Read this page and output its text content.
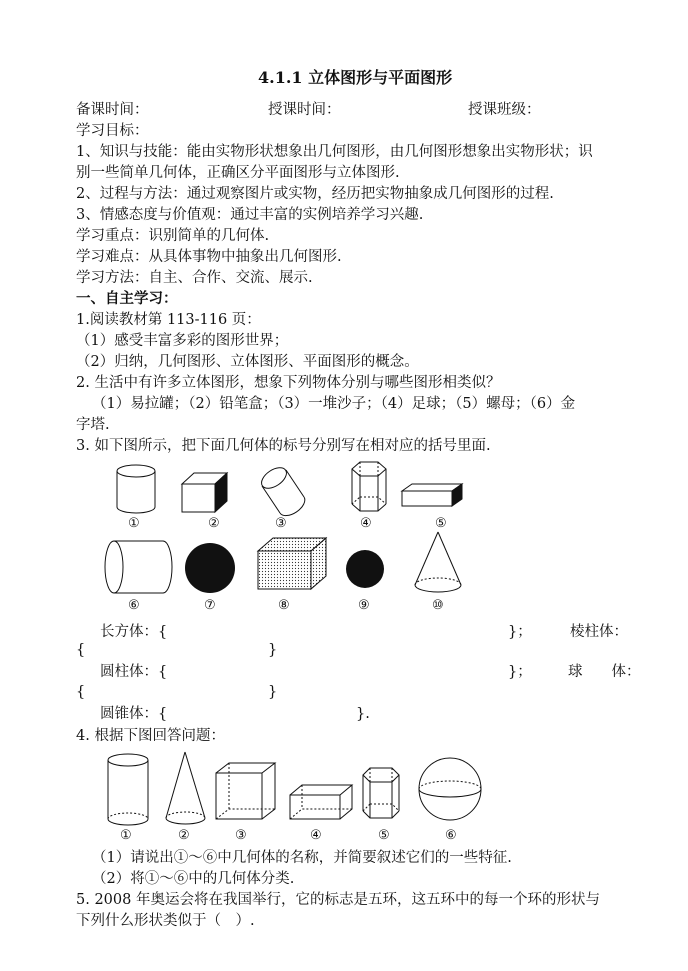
4.1.1 立体图形与平面图形
备课时间：	授课时间：	授课班级：
学习目标：
1、知识与技能：能由实物形状想象出几何图形，由几何图形想象出实物形状；识
别一些简单几何体，正确区分平面图形与立体图形.
2、过程与方法：通过观察图片或实物，经历把实物抽象成几何图形的过程.
3、情感态度与价值观：通过丰富的实例培养学习兴趣.
学习重点：识别简单的几何体.
学习难点：从具体事物中抽象出几何图形.
学习方法：自主、合作、交流、展示.
一、自主学习：
1.阅读教材第 113-116 页：
（1）感受丰富多彩的图形世界；
（2）归纳，几何图形、立体图形、平面图形的概念。
2. 生活中有许多立体图形，想象下列物体分别与哪些图形相类似？
（1）易拉罐；（2）铅笔盒；（3）一堆沙子；（4）足球；（5）螺母；（6）金
字塔.
3. 如下图所示，把下面几何体的标号分别写在相对应的括号里面.
①	②	③	④	⑤
⑥	⑦	⑧	⑨	⑩
长方体：{	}；	棱柱体：
{	}
圆柱体：{	}；	球　　体：
{	}
圆锥体：{	}.
4. 根据下图回答问题：
①	②	③	④	⑤	⑥
（1）请说出①～⑥中几何体的名称，并简要叙述它们的一些特征.
（2）将①～⑥中的几何体分类.
5. 2008 年奥运会将在我国举行，它的标志是五环，这五环中的每一个环的形状与
下列什么形状类似于（　）.
